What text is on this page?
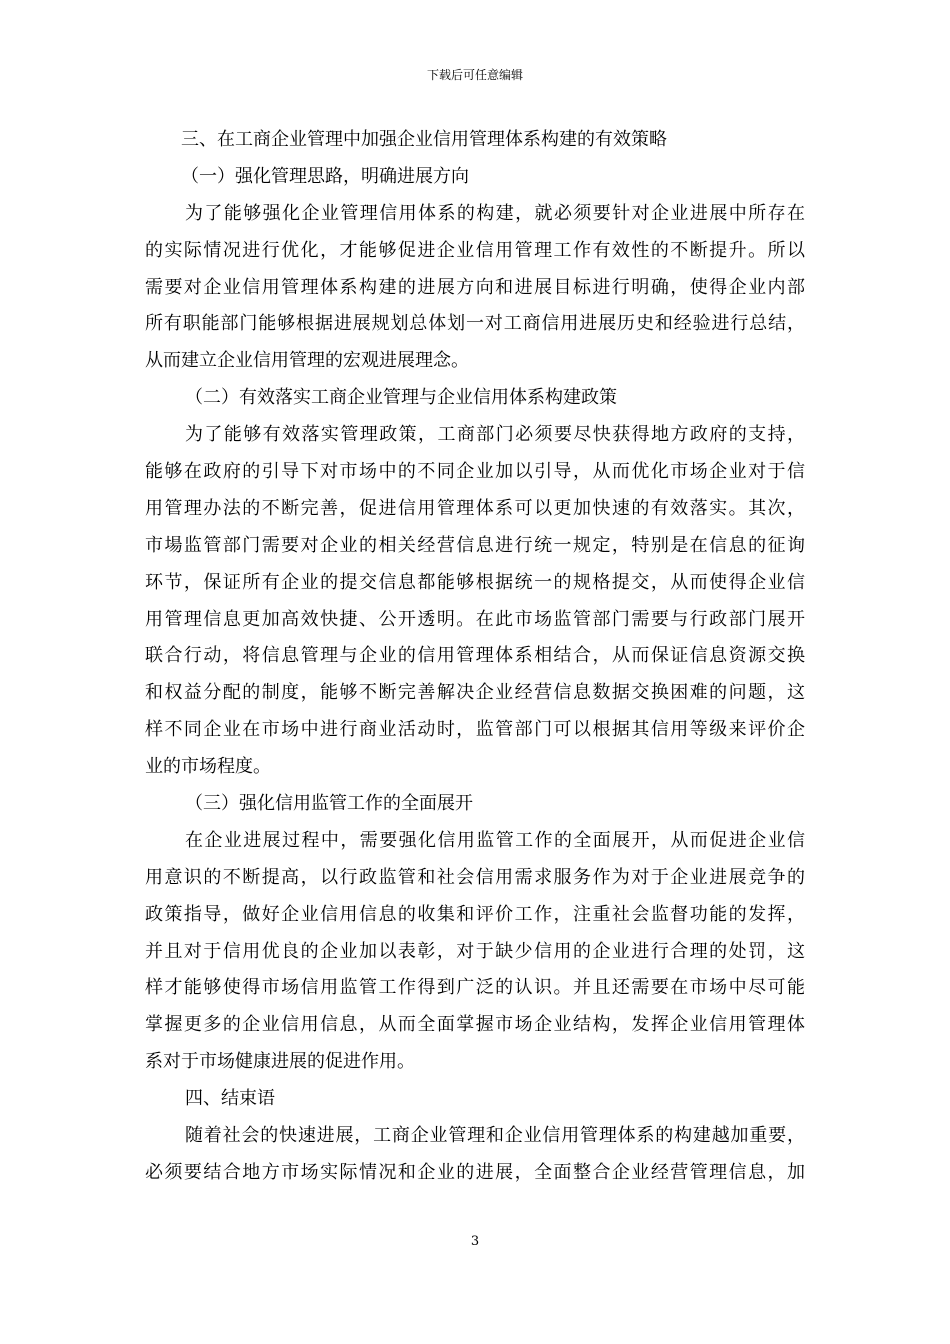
下载后可任意编辑
三、在工商企业管理中加强企业信用管理体系构建的有效策略
（一）强化管理思路，明确进展方向
为了能够强化企业管理信用体系的构建，就必须要针对企业进展中所存在
的实际情况进行优化，才能够促进企业信用管理工作有效性的不断提升。所以
需要对企业信用管理体系构建的进展方向和进展目标进行明确，使得企业内部
所有职能部门能够根据进展规划总体划一对工商信用进展历史和经验进行总结，
从而建立企业信用管理的宏观进展理念。
（二）有效落实工商企业管理与企业信用体系构建政策
为了能够有效落实管理政策，工商部门必须要尽快获得地方政府的支持，
能够在政府的引导下对市场中的不同企业加以引导，从而优化市场企业对于信
用管理办法的不断完善，促进信用管理体系可以更加快速的有效落实。其次，
市場监管部门需要对企业的相关经营信息进行统一规定，特别是在信息的征询
环节，保证所有企业的提交信息都能够根据统一的规格提交，从而使得企业信
用管理信息更加高效快捷、公开透明。在此市场监管部门需要与行政部门展开
联合行动，将信息管理与企业的信用管理体系相结合，从而保证信息资源交换
和权益分配的制度，能够不断完善解决企业经营信息数据交换困难的问题，这
样不同企业在市场中进行商业活动时，监管部门可以根据其信用等级来评价企
业的市场程度。
（三）强化信用监管工作的全面展开
在企业进展过程中，需要强化信用监管工作的全面展开，从而促进企业信
用意识的不断提高，以行政监管和社会信用需求服务作为对于企业进展竞争的
政策指导，做好企业信用信息的收集和评价工作，注重社会监督功能的发挥，
并且对于信用优良的企业加以表彰，对于缺少信用的企业进行合理的处罚，这
样才能够使得市场信用监管工作得到广泛的认识。并且还需要在市场中尽可能
掌握更多的企业信用信息，从而全面掌握市场企业结构，发挥企业信用管理体
系对于市场健康进展的促进作用。
四、结束语
随着社会的快速进展，工商企业管理和企业信用管理体系的构建越加重要，
必须要结合地方市场实际情况和企业的进展，全面整合企业经营管理信息，加
3
